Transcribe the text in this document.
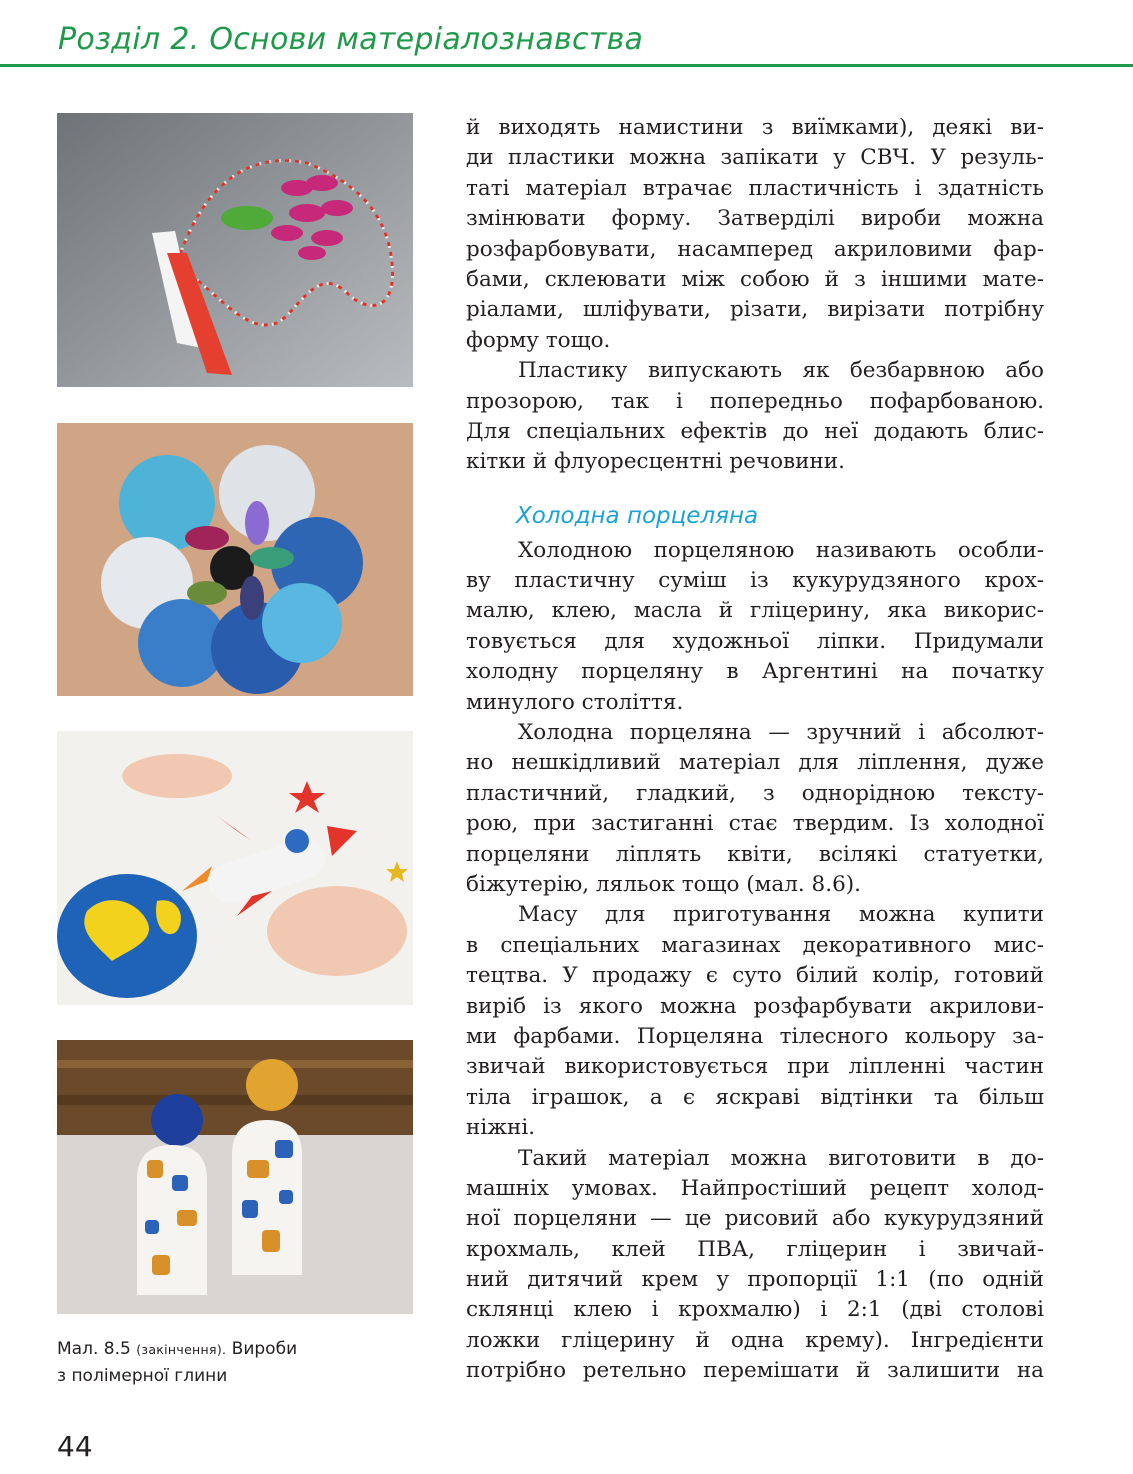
Розділ 2. Основи матеріалознавства
Мал. 8.5 (закінчення). Вироби
з полімерної глини
44
й виходять намистини з виїмками), деякі ви-
ди пластики можна запікати у СВЧ. У резуль-
таті матеріал втрачає пластичність і здатність
змінювати форму. Затверділі вироби можна
розфарбовувати, насамперед акриловими фар-
бами, склеювати між собою й з іншими мате-
ріалами, шліфувати, різати, вирізати потрібну
форму тощо.
Пластику випускають як безбарвною або
прозорою, так і попередньо пофарбованою.
Для спеціальних ефектів до неї додають блис-
кітки й флуоресцентні речовини.
Холодна порцеляна
Холодною порцеляною називають особли-
ву пластичну суміш із кукурудзяного крох-
малю, клею, масла й гліцерину, яка викорис-
товується для художньої ліпки. Придумали
холодну порцеляну в Аргентині на початку
минулого століття.
Холодна порцеляна — зручний і абсолют-
но нешкідливий матеріал для ліплення, дуже
пластичний, гладкий, з однорідною тексту-
рою, при застиганні стає твердим. Із холодної
порцеляни ліплять квіти, всілякі статуетки,
біжутерію, ляльок тощо (мал. 8.6).
Масу для приготування можна купити
в спеціальних магазинах декоративного мис-
тецтва. У продажу є суто білий колір, готовий
виріб із якого можна розфарбувати акрилови-
ми фарбами. Порцеляна тілесного кольору за-
звичай використовується при ліпленні частин
тіла іграшок, а є яскраві відтінки та більш
ніжні.
Такий матеріал можна виготовити в до-
машніх умовах. Найпростіший рецепт холод-
ної порцеляни — це рисовий або кукурудзяний
крохмаль, клей ПВА, гліцерин і звичай-
ний дитячий крем у пропорції 1:1 (по одній
склянці клею і крохмалю) і 2:1 (дві столові
ложки гліцерину й одна крему). Інгредієнти
потрібно ретельно перемішати й залишити на
